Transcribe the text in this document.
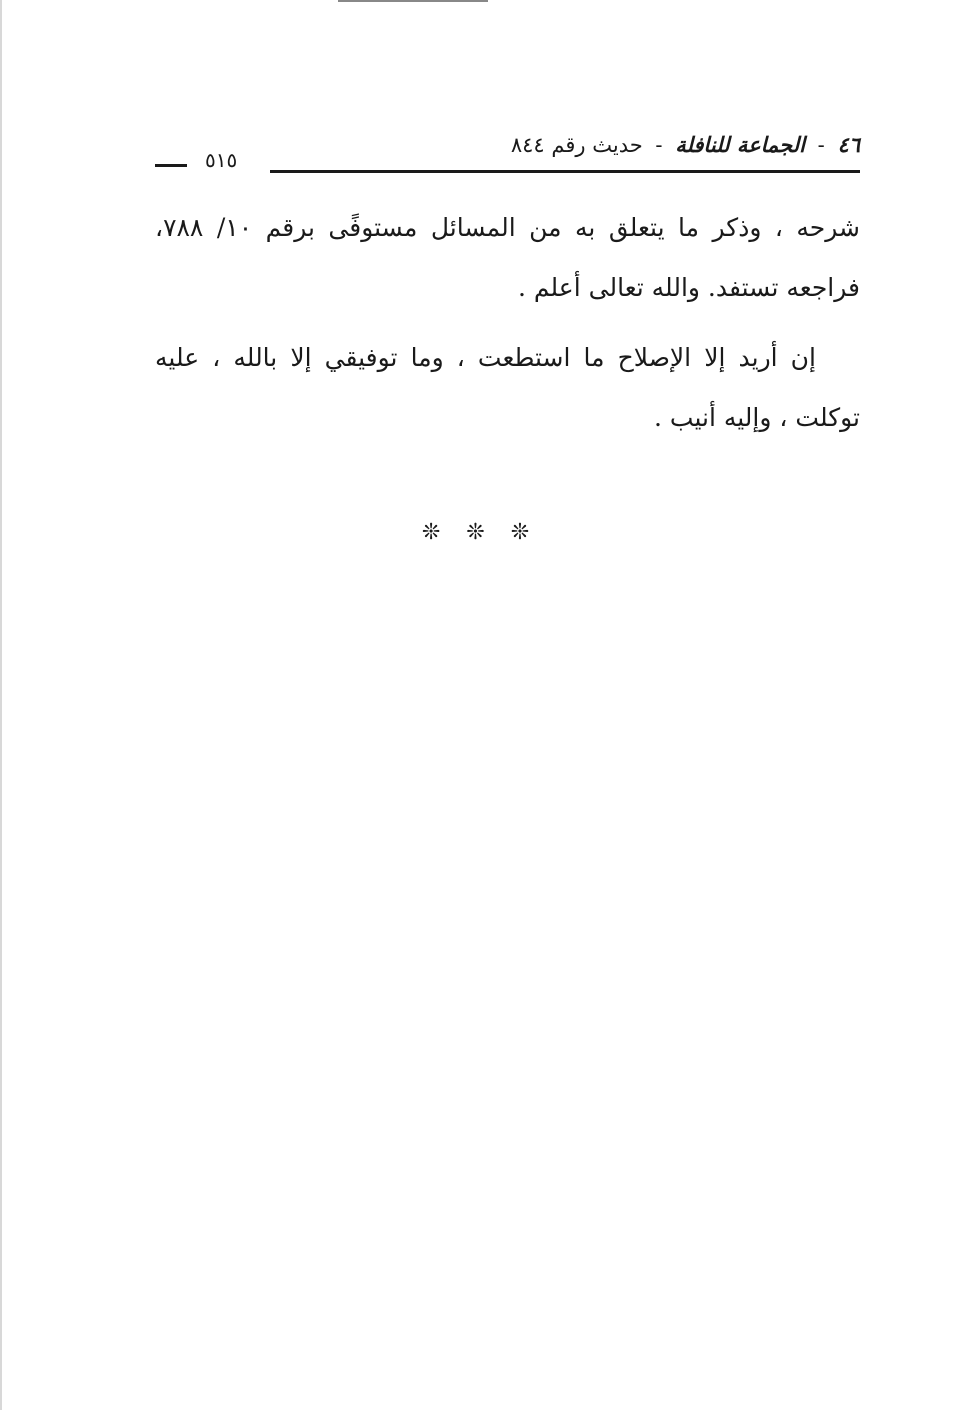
٤٦ - الجماعة للنافلة - حديث رقم ٨٤٤
٥١٥

شرحه ، وذكر ما يتعلق به من المسائل مستوفًى برقم ١٠/ ٧٨٨، فراجعه تستفد. والله تعالى أعلم .

إن أريد إلا الإصلاح ما استطعت ، وما توفيقي إلا بالله ، عليه توكلت ، وإليه أنيب .

❊❊❊
